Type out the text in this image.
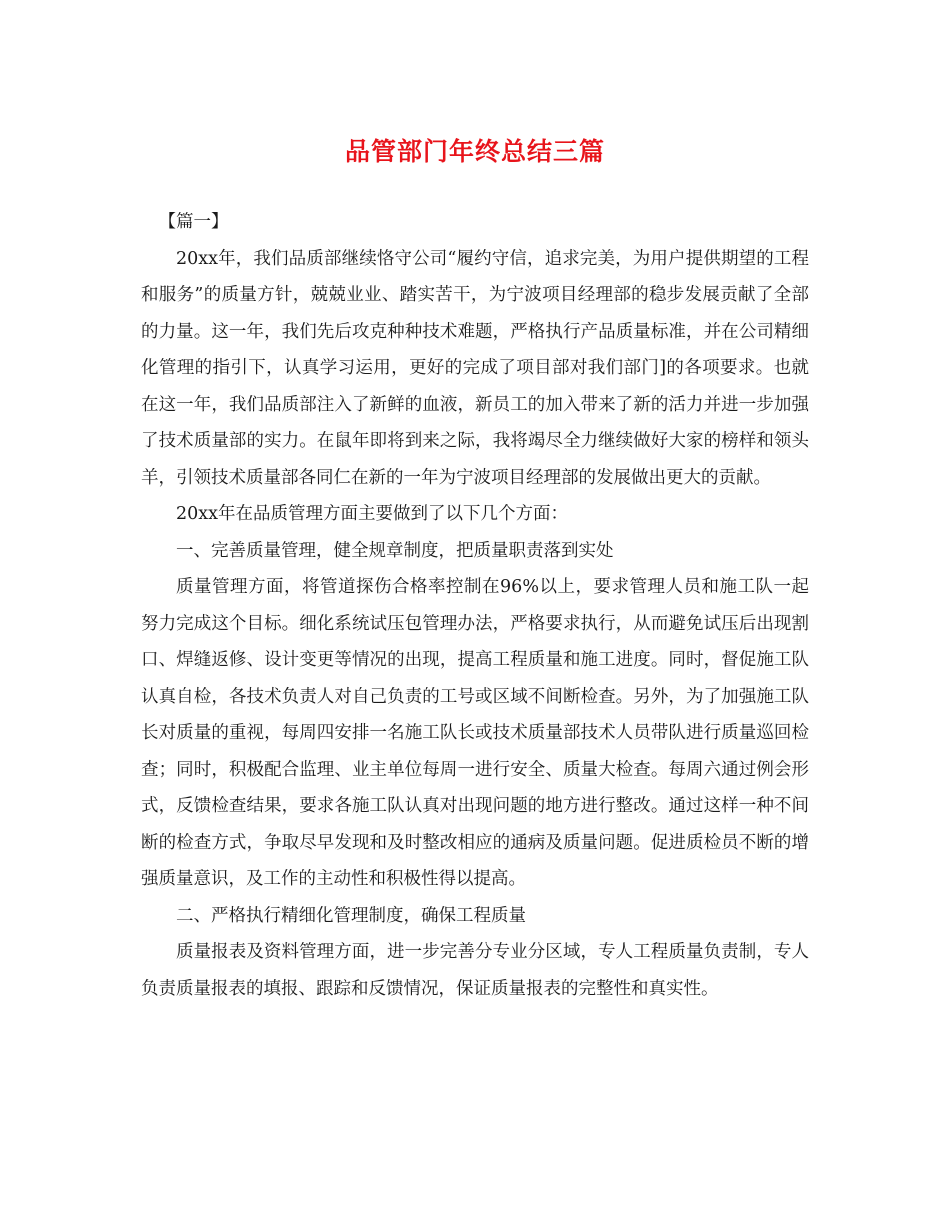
品管部门年终总结三篇

【篇一】

20xx年，我们品质部继续恪守公司“履约守信，追求完美，为用户提供期望的工程和服务”的质量方针，兢兢业业、踏实苦干，为宁波项目经理部的稳步发展贡献了全部的力量。这一年，我们先后攻克种种技术难题，严格执行产品质量标准，并在公司精细化管理的指引下，认真学习运用，更好的完成了项目部对我们部门]的各项要求。也就在这一年，我们品质部注入了新鲜的血液，新员工的加入带来了新的活力并进一步加强了技术质量部的实力。在鼠年即将到来之际，我将竭尽全力继续做好大家的榜样和领头羊，引领技术质量部各同仁在新的一年为宁波项目经理部的发展做出更大的贡献。

20xx年在品质管理方面主要做到了以下几个方面：

一、完善质量管理，健全规章制度，把质量职责落到实处

质量管理方面，将管道探伤合格率控制在96%以上，要求管理人员和施工队一起努力完成这个目标。细化系统试压包管理办法，严格要求执行，从而避免试压后出现割口、焊缝返修、设计变更等情况的出现，提高工程质量和施工进度。同时，督促施工队认真自检，各技术负责人对自己负责的工号或区域不间断检查。另外，为了加强施工队长对质量的重视，每周四安排一名施工队长或技术质量部技术人员带队进行质量巡回检查；同时，积极配合监理、业主单位每周一进行安全、质量大检查。每周六通过例会形式，反馈检查结果，要求各施工队认真对出现问题的地方进行整改。通过这样一种不间断的检查方式，争取尽早发现和及时整改相应的通病及质量问题。促进质检员不断的增强质量意识，及工作的主动性和积极性得以提高。

二、严格执行精细化管理制度，确保工程质量

质量报表及资料管理方面，进一步完善分专业分区域，专人工程质量负责制，专人负责质量报表的填报、跟踪和反馈情况，保证质量报表的完整性和真实性。
